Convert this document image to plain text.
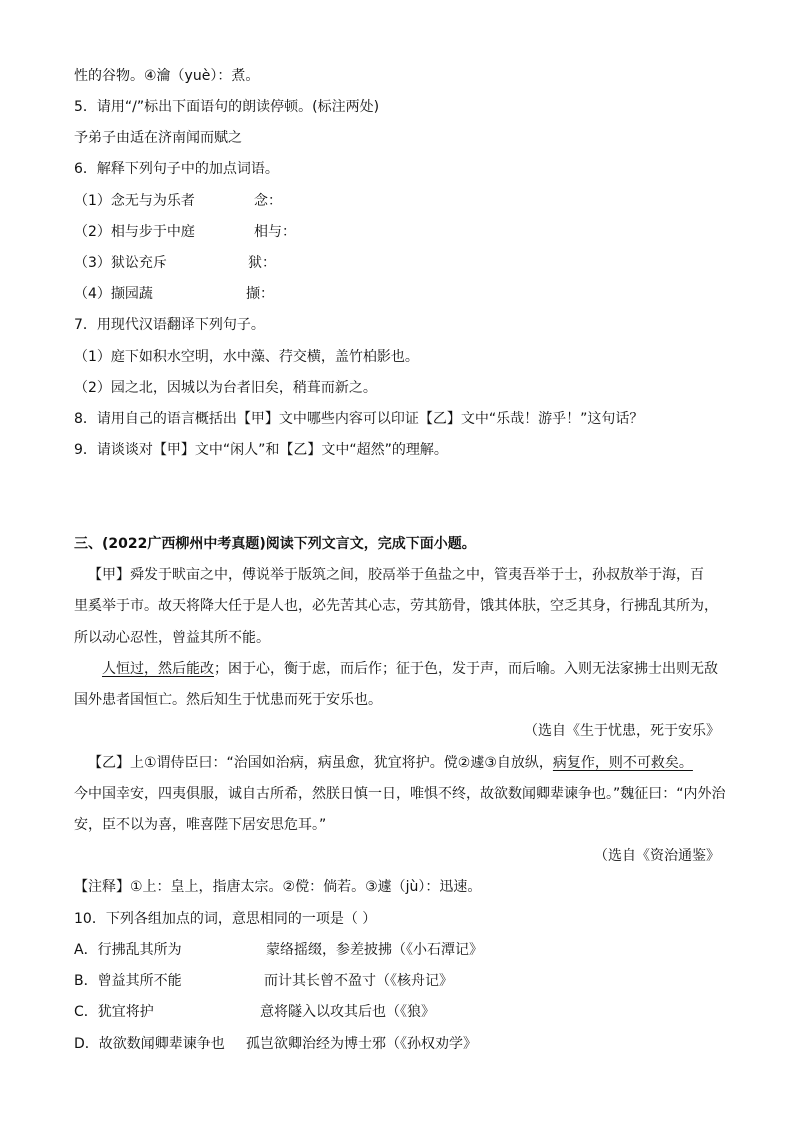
性的谷物。④瀹（yuè）：煮。
5．请用“/”标出下面语句的朗读停顿。(标注两处)
予弟子由适在济南闻而赋之
6．解释下列句子中的加点词语。
（1）念无与为乐者	念：
（2）相与步于中庭	相与：
（3）狱讼充斥	狱：
（4）撷园蔬	撷：
7．用现代汉语翻译下列句子。
（1）庭下如积水空明，水中藻、荇交横，盖竹柏影也。
（2）园之北，因城以为台者旧矣，稍葺而新之。
8．请用自己的语言概括出【甲】文中哪些内容可以印证【乙】文中“乐哉！游乎！”这句话？
9．请谈谈对【甲】文中“闲人”和【乙】文中“超然”的理解。
三、(2022广西柳州中考真题)阅读下列文言文，完成下面小题。
【甲】舜发于畎亩之中，傅说举于版筑之间，胶鬲举于鱼盐之中，管夷吾举于士，孙叔敖举于海，百
里奚举于市。故天将降大任于是人也，必先苦其心志，劳其筋骨，饿其体肤，空乏其身，行拂乱其所为，
所以动心忍性，曾益其所不能。
人恒过，然后能改；困于心，衡于虑，而后作；征于色，发于声，而后喻。入则无法家拂士出则无敌
国外患者国恒亡。然后知生于忧患而死于安乐也。
（选自《生于忧患，死于安乐》
【乙】上①谓侍臣曰：“治国如治病，病虽愈，犹宜将护。傥②遽③自放纵，病复作，则不可救矣。
今中国幸安，四夷俱服，诚自古所希，然朕日慎一日，唯惧不终，故欲数闻卿辈谏争也。”魏征曰：“内外治
安，臣不以为喜，唯喜陛下居安思危耳。”
（选自《资治通鉴》
【注释】①上：皇上，指唐太宗。②傥：倘若。③遽（jù）：迅速。
10．下列各组加点的词，意思相同的一项是（ ）
A．行拂乱其所为	蒙络摇缀，参差披拂（《小石潭记》
B．曾益其所不能	而计其长曾不盈寸（《核舟记》
C．犹宜将护	意将隧入以攻其后也（《狼》
D．故欲数闻卿辈谏争也 孤岂欲卿治经为博士邪（《孙权劝学》
